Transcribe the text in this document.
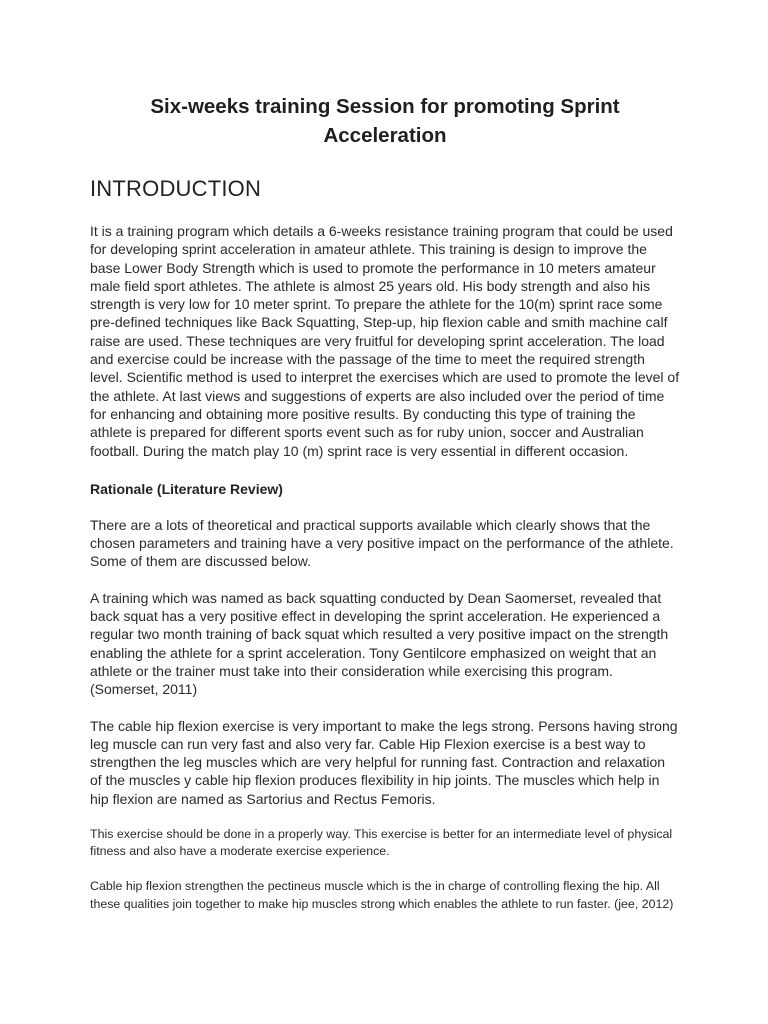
Six-weeks training Session for promoting Sprint Acceleration
INTRODUCTION

It is a training program which details a 6-weeks resistance training program that could be used for developing sprint acceleration in amateur athlete. This training is design to improve the base Lower Body Strength which is used to promote the performance in 10 meters amateur male field sport athletes. The athlete is almost 25 years old. His body strength and also his strength is very low for 10 meter sprint. To prepare the athlete for the 10(m) sprint race some pre-defined techniques like Back Squatting, Step-up, hip flexion cable and smith machine calf raise are used. These techniques are very fruitful for developing sprint acceleration. The load and exercise could be increase with the passage of the time to meet the required strength level. Scientific method is used to interpret the exercises which are used to promote the level of the athlete. At last views and suggestions of experts are also included over the period of time for enhancing and obtaining more positive results. By conducting this type of training the athlete is prepared for different sports event such as for ruby union, soccer and Australian football. During the match play 10 (m) sprint race is very essential in different occasion.

Rationale (Literature Review)

There are a lots of theoretical and practical supports available which clearly shows that the chosen parameters and training have a very positive impact on the performance of the athlete. Some of them are discussed below.

A training which was named as back squatting conducted by Dean Saomerset, revealed that back squat has a very positive effect in developing the sprint acceleration. He experienced a regular two month training of back squat which resulted a very positive impact on the strength enabling the athlete for a sprint acceleration. Tony Gentilcore emphasized on weight that an athlete or the trainer must take into their consideration while exercising this program. (Somerset, 2011)

The cable hip flexion exercise is very important to make the legs strong. Persons having strong leg muscle can run very fast and also very far. Cable Hip Flexion exercise is a best way to strengthen the leg muscles which are very helpful for running fast. Contraction and relaxation of the muscles y cable hip flexion produces flexibility in hip joints. The muscles which help in hip flexion are named as Sartorius and Rectus Femoris.

This exercise should be done in a properly way. This exercise is better for an intermediate level of physical fitness and also have a moderate exercise experience.

Cable hip flexion strengthen the pectineus muscle which is the in charge of controlling flexing the hip. All these qualities join together to make hip muscles strong which enables the athlete to run faster. (jee, 2012)
